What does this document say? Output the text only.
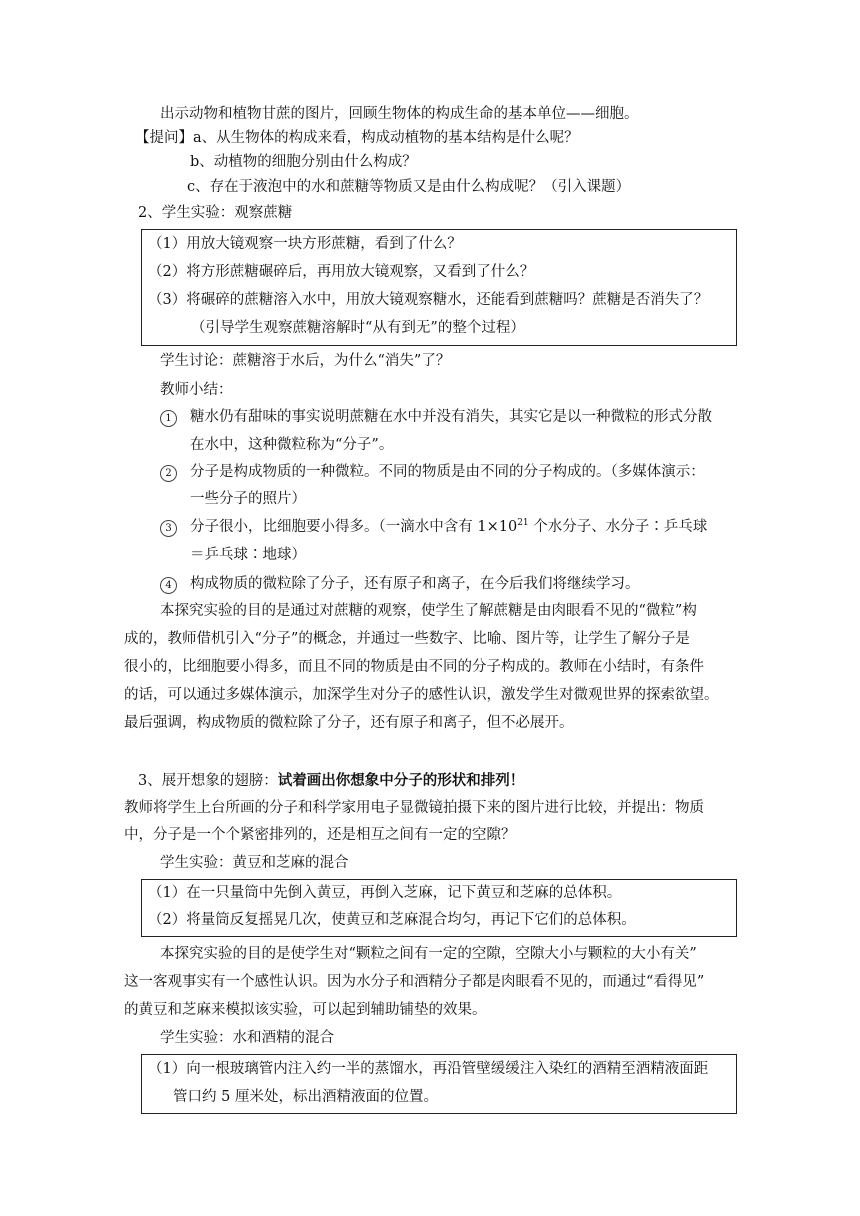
出示动物和植物甘蔗的图片，回顾生物体的构成生命的基本单位——细胞。
【提问】a、从生物体的构成来看，构成动植物的基本结构是什么呢？
b、动植物的细胞分别由什么构成？
c、存在于液泡中的水和蔗糖等物质又是由什么构成呢？（引入课题）
2、学生实验：观察蔗糖
（1）用放大镜观察一块方形蔗糖，看到了什么？
（2）将方形蔗糖碾碎后，再用放大镜观察，又看到了什么？
（3）将碾碎的蔗糖溶入水中，用放大镜观察糖水，还能看到蔗糖吗？蔗糖是否消失了？
（引导学生观察蔗糖溶解时“从有到无”的整个过程）
学生讨论：蔗糖溶于水后，为什么“消失”了？
教师小结：
1	糖水仍有甜味的事实说明蔗糖在水中并没有消失，其实它是以一种微粒的形式分散
在水中，这种微粒称为“分子”。
2	分子是构成物质的一种微粒。不同的物质是由不同的分子构成的。（多媒体演示：
一些分子的照片）
3	分子很小，比细胞要小得多。（一滴水中含有 $1\times 10^{21}$ 个水分子、水分子∶乒乓球
＝乒乓球∶地球）
4	构成物质的微粒除了分子，还有原子和离子，在今后我们将继续学习。
本探究实验的目的是通过对蔗糖的观察，使学生了解蔗糖是由肉眼看不见的“微粒”构
成的，教师借机引入“分子”的概念，并通过一些数字、比喻、图片等，让学生了解分子是
很小的，比细胞要小得多，而且不同的物质是由不同的分子构成的。教师在小结时，有条件
的话，可以通过多媒体演示，加深学生对分子的感性认识，激发学生对微观世界的探索欲望。
最后强调，构成物质的微粒除了分子，还有原子和离子，但不必展开。
3、展开想象的翅膀：试着画出你想象中分子的形状和排列！
教师将学生上台所画的分子和科学家用电子显微镜拍摄下来的图片进行比较，并提出：物质
中，分子是一个个紧密排列的，还是相互之间有一定的空隙？
学生实验：黄豆和芝麻的混合
（1）在一只量筒中先倒入黄豆，再倒入芝麻，记下黄豆和芝麻的总体积。
（2）将量筒反复摇晃几次，使黄豆和芝麻混合均匀，再记下它们的总体积。
本探究实验的目的是使学生对“颗粒之间有一定的空隙，空隙大小与颗粒的大小有关”
这一客观事实有一个感性认识。因为水分子和酒精分子都是肉眼看不见的，而通过“看得见”
的黄豆和芝麻来模拟该实验，可以起到辅助铺垫的效果。
学生实验：水和酒精的混合
（1）向一根玻璃管内注入约一半的蒸馏水，再沿管壁缓缓注入染红的酒精至酒精液面距
管口约 5 厘米处，标出酒精液面的位置。
